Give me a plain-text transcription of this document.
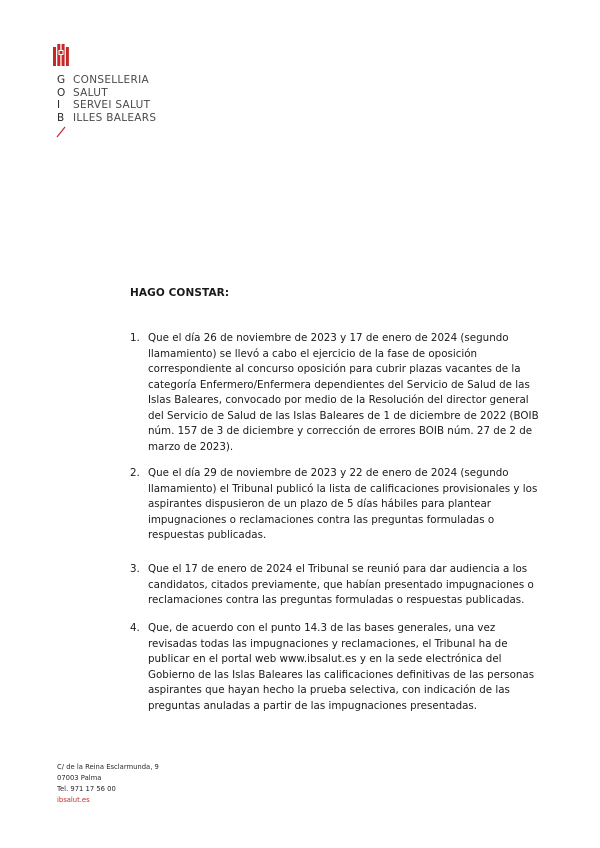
G CONSELLERIA
O SALUT
I	SERVEI SALUT
B ILLES BALEARS
HAGO CONSTAR:
1. Que el día 26 de noviembre de 2023 y 17 de enero de 2024 (segundo llamamiento) se llevó a cabo el ejercicio de la fase de oposición correspondiente al concurso oposición para cubrir plazas vacantes de la categoría Enfermero/Enfermera dependientes del Servicio de Salud de las Islas Baleares, convocado por medio de la Resolución del director general del Servicio de Salud de las Islas Baleares de 1 de diciembre de 2022 (BOIB núm. 157 de 3 de diciembre y corrección de errores BOIB núm. 27 de 2 de marzo de 2023).
2. Que el día 29 de noviembre de 2023 y 22 de enero de 2024 (segundo llamamiento) el Tribunal publicó la lista de calificaciones provisionales y los aspirantes dispusieron de un plazo de 5 días hábiles para plantear impugnaciones o reclamaciones contra las preguntas formuladas o respuestas publicadas.
3. Que el 17 de enero de 2024 el Tribunal se reunió para dar audiencia a los candidatos, citados previamente, que habían presentado impugnaciones o reclamaciones contra las preguntas formuladas o respuestas publicadas.
4. Que, de acuerdo con el punto 14.3 de las bases generales, una vez revisadas todas las impugnaciones y reclamaciones, el Tribunal ha de publicar en el portal web www.ibsalut.es y en la sede electrónica del Gobierno de las Islas Baleares las calificaciones definitivas de las personas aspirantes que hayan hecho la prueba selectiva, con indicación de las preguntas anuladas a partir de las impugnaciones presentadas.
C/ de la Reina Esclarmunda, 9
07003 Palma
Tel. 971 17 56 00
ibsalut.es
